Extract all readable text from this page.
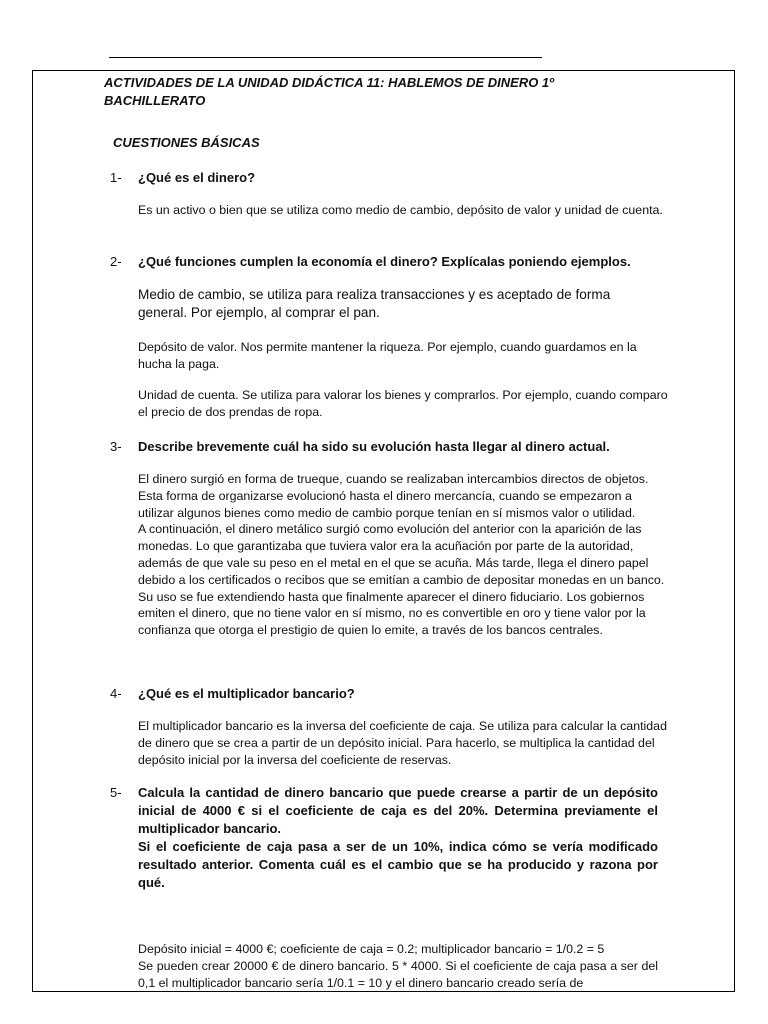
ACTIVIDADES DE LA UNIDAD DIDÁCTICA 11: HABLEMOS DE DINERO 1º BACHILLERATO
CUESTIONES BÁSICAS
1- ¿Qué es el dinero?

Es un activo o bien que se utiliza como medio de cambio, depósito de valor y unidad de cuenta.

2- ¿Qué funciones cumplen la economía el dinero? Explícalas poniendo ejemplos.

Medio de cambio, se utiliza para realiza transacciones y es aceptado de forma general. Por ejemplo, al comprar el pan.

Depósito de valor. Nos permite mantener la riqueza. Por ejemplo, cuando guardamos en la hucha la paga.

Unidad de cuenta. Se utiliza para valorar los bienes y comprarlos. Por ejemplo, cuando comparo el precio de dos prendas de ropa.

3- Describe brevemente cuál ha sido su evolución hasta llegar al dinero actual.

El dinero surgió en forma de trueque, cuando se realizaban intercambios directos de objetos. Esta forma de organizarse evolucionó hasta el dinero mercancía, cuando se empezaron a utilizar algunos bienes como medio de cambio porque tenían en sí mismos valor o utilidad.

A continuación, el dinero metálico surgió como evolución del anterior con la aparición de las monedas. Lo que garantizaba que tuviera valor era la acuñación por parte de la autoridad, además de que vale su peso en el metal en el que se acuña. Más tarde, llega el dinero papel debido a los certificados o recibos que se emitían a cambio de depositar monedas en un banco. Su uso se fue extendiendo hasta que finalmente aparecer el dinero fiduciario. Los gobiernos emiten el dinero, que no tiene valor en sí mismo, no es convertible en oro y tiene valor por la confianza que otorga el prestigio de quien lo emite, a través de los bancos centrales.

4- ¿Qué es el multiplicador bancario?

El multiplicador bancario es la inversa del coeficiente de caja. Se utiliza para calcular la cantidad de dinero que se crea a partir de un depósito inicial. Para hacerlo, se multiplica la cantidad del depósito inicial por la inversa del coeficiente de reservas.

5- Calcula la cantidad de dinero bancario que puede crearse a partir de un depósito inicial de 4000 € si el coeficiente de caja es del 20%. Determina previamente el multiplicador bancario.
Si el coeficiente de caja pasa a ser de un 10%, indica cómo se vería modificado resultado anterior. Comenta cuál es el cambio que se ha producido y razona por qué.

Depósito inicial = 4000 €; coeficiente de caja = 0.2; multiplicador bancario = 1/0.2 = 5

Se pueden crear 20000 € de dinero bancario. 5 * 4000. Si el coeficiente de caja pasa a ser del 0,1 el multiplicador bancario sería 1/0.1 = 10 y el dinero bancario creado sería de
